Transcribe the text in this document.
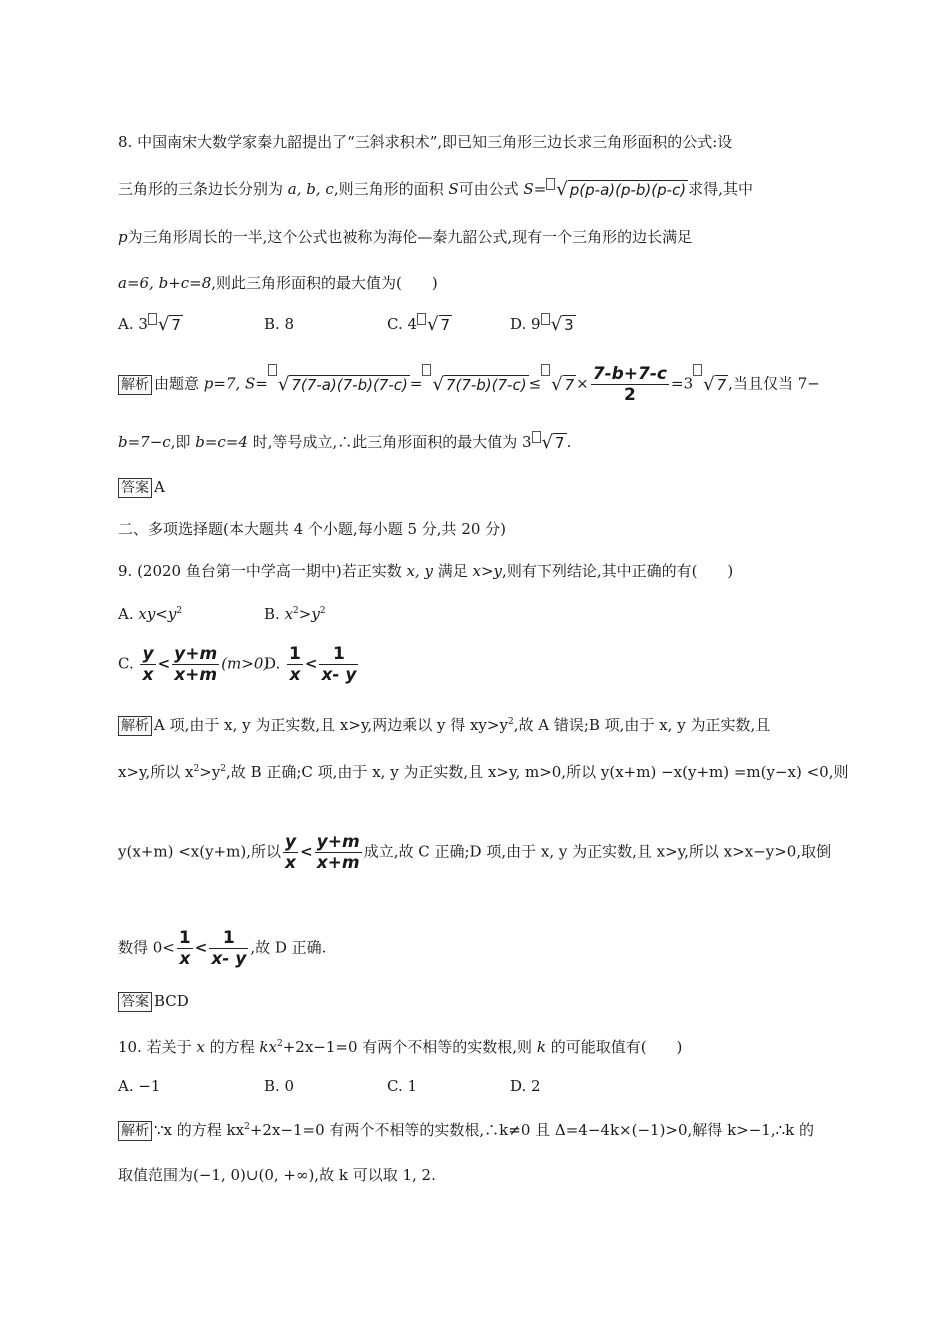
8. 中国南宋大数学家秦九韶提出了“三斜求积术”,即已知三角形三边长求三角形面积的公式:设
三角形的三条边长分别为 a, b, c,则三角形的面积 S可由公式 S= √ p(p-a)(p-b)(p-c) 求得,其中
p为三角形周长的一半,这个公式也被称为海伦—秦九韶公式,现有一个三角形的边长满足
a=6, b+c=8,则此三角形面积的最大值为(　　)
A. 3 √ 7	B. 8	C. 4 √ 7	D. 9 √ 3
解析 由题意 p=7, S= √ 7(7-a)(7-b)(7-c) = √ 7(7-b)(7-c) ≤ √ $7 \times \frac{7-b+7-c}{2} =3$ √ 7 ,当且仅当 7−
b=7−c,即 b=c=4 时,等号成立,∴此三角形面积的最大值为 3 √ 7 .
答案 A
二、多项选择题(本大题共 4 个小题,每小题 5 分,共 20 分)
9. (2020 鱼台第一中学高一期中)若正实数 x, y 满足 x>y,则有下列结论,其中正确的有(　　)
A. $xy<y^2$	B. $x^2>y^2$
C. $\frac{y}{x} < \frac{y+m}{x+m} (m>0)$
D. $\frac{1}{x} < \frac{1}{x- y}$
解析 A 项,由于 x, y 为正实数,且 x>y,两边乘以 y 得 $xy>y^2$,故 A 错误;B 项,由于 x, y 为正实数,且
x>y,所以 $x^2>y^2$,故 B 正确;C 项,由于 x, y 为正实数,且 x>y, m>0,所以 y(x+m) −x(y+m) =m(y−x) <0,则
y(x+m) <x(y+m),所以 $\frac{y}{x} < \frac{y+m}{x+m}$ 成立,故 C 正确;D 项,由于 x, y 为正实数,且 x>y,所以 x>x−y>0,取倒
数得 $0< \frac{1}{x} < \frac{1}{x- y}$ ,故 D 正确.
答案 BCD
10. 若关于 x 的方程 $kx^2+2x-1=0$ 有两个不相等的实数根,则 k 的可能取值有(　　)
A. −1	B. 0	C. 1	D. 2
解析 ∵x 的方程 $kx^2+2x-1=0$ 有两个不相等的实数根,∴k≠0 且 Δ=4−4k×(−1)>0,解得 k>−1,∴k 的
取值范围为(−1, 0)∪(0, +∞),故 k 可以取 1, 2.
